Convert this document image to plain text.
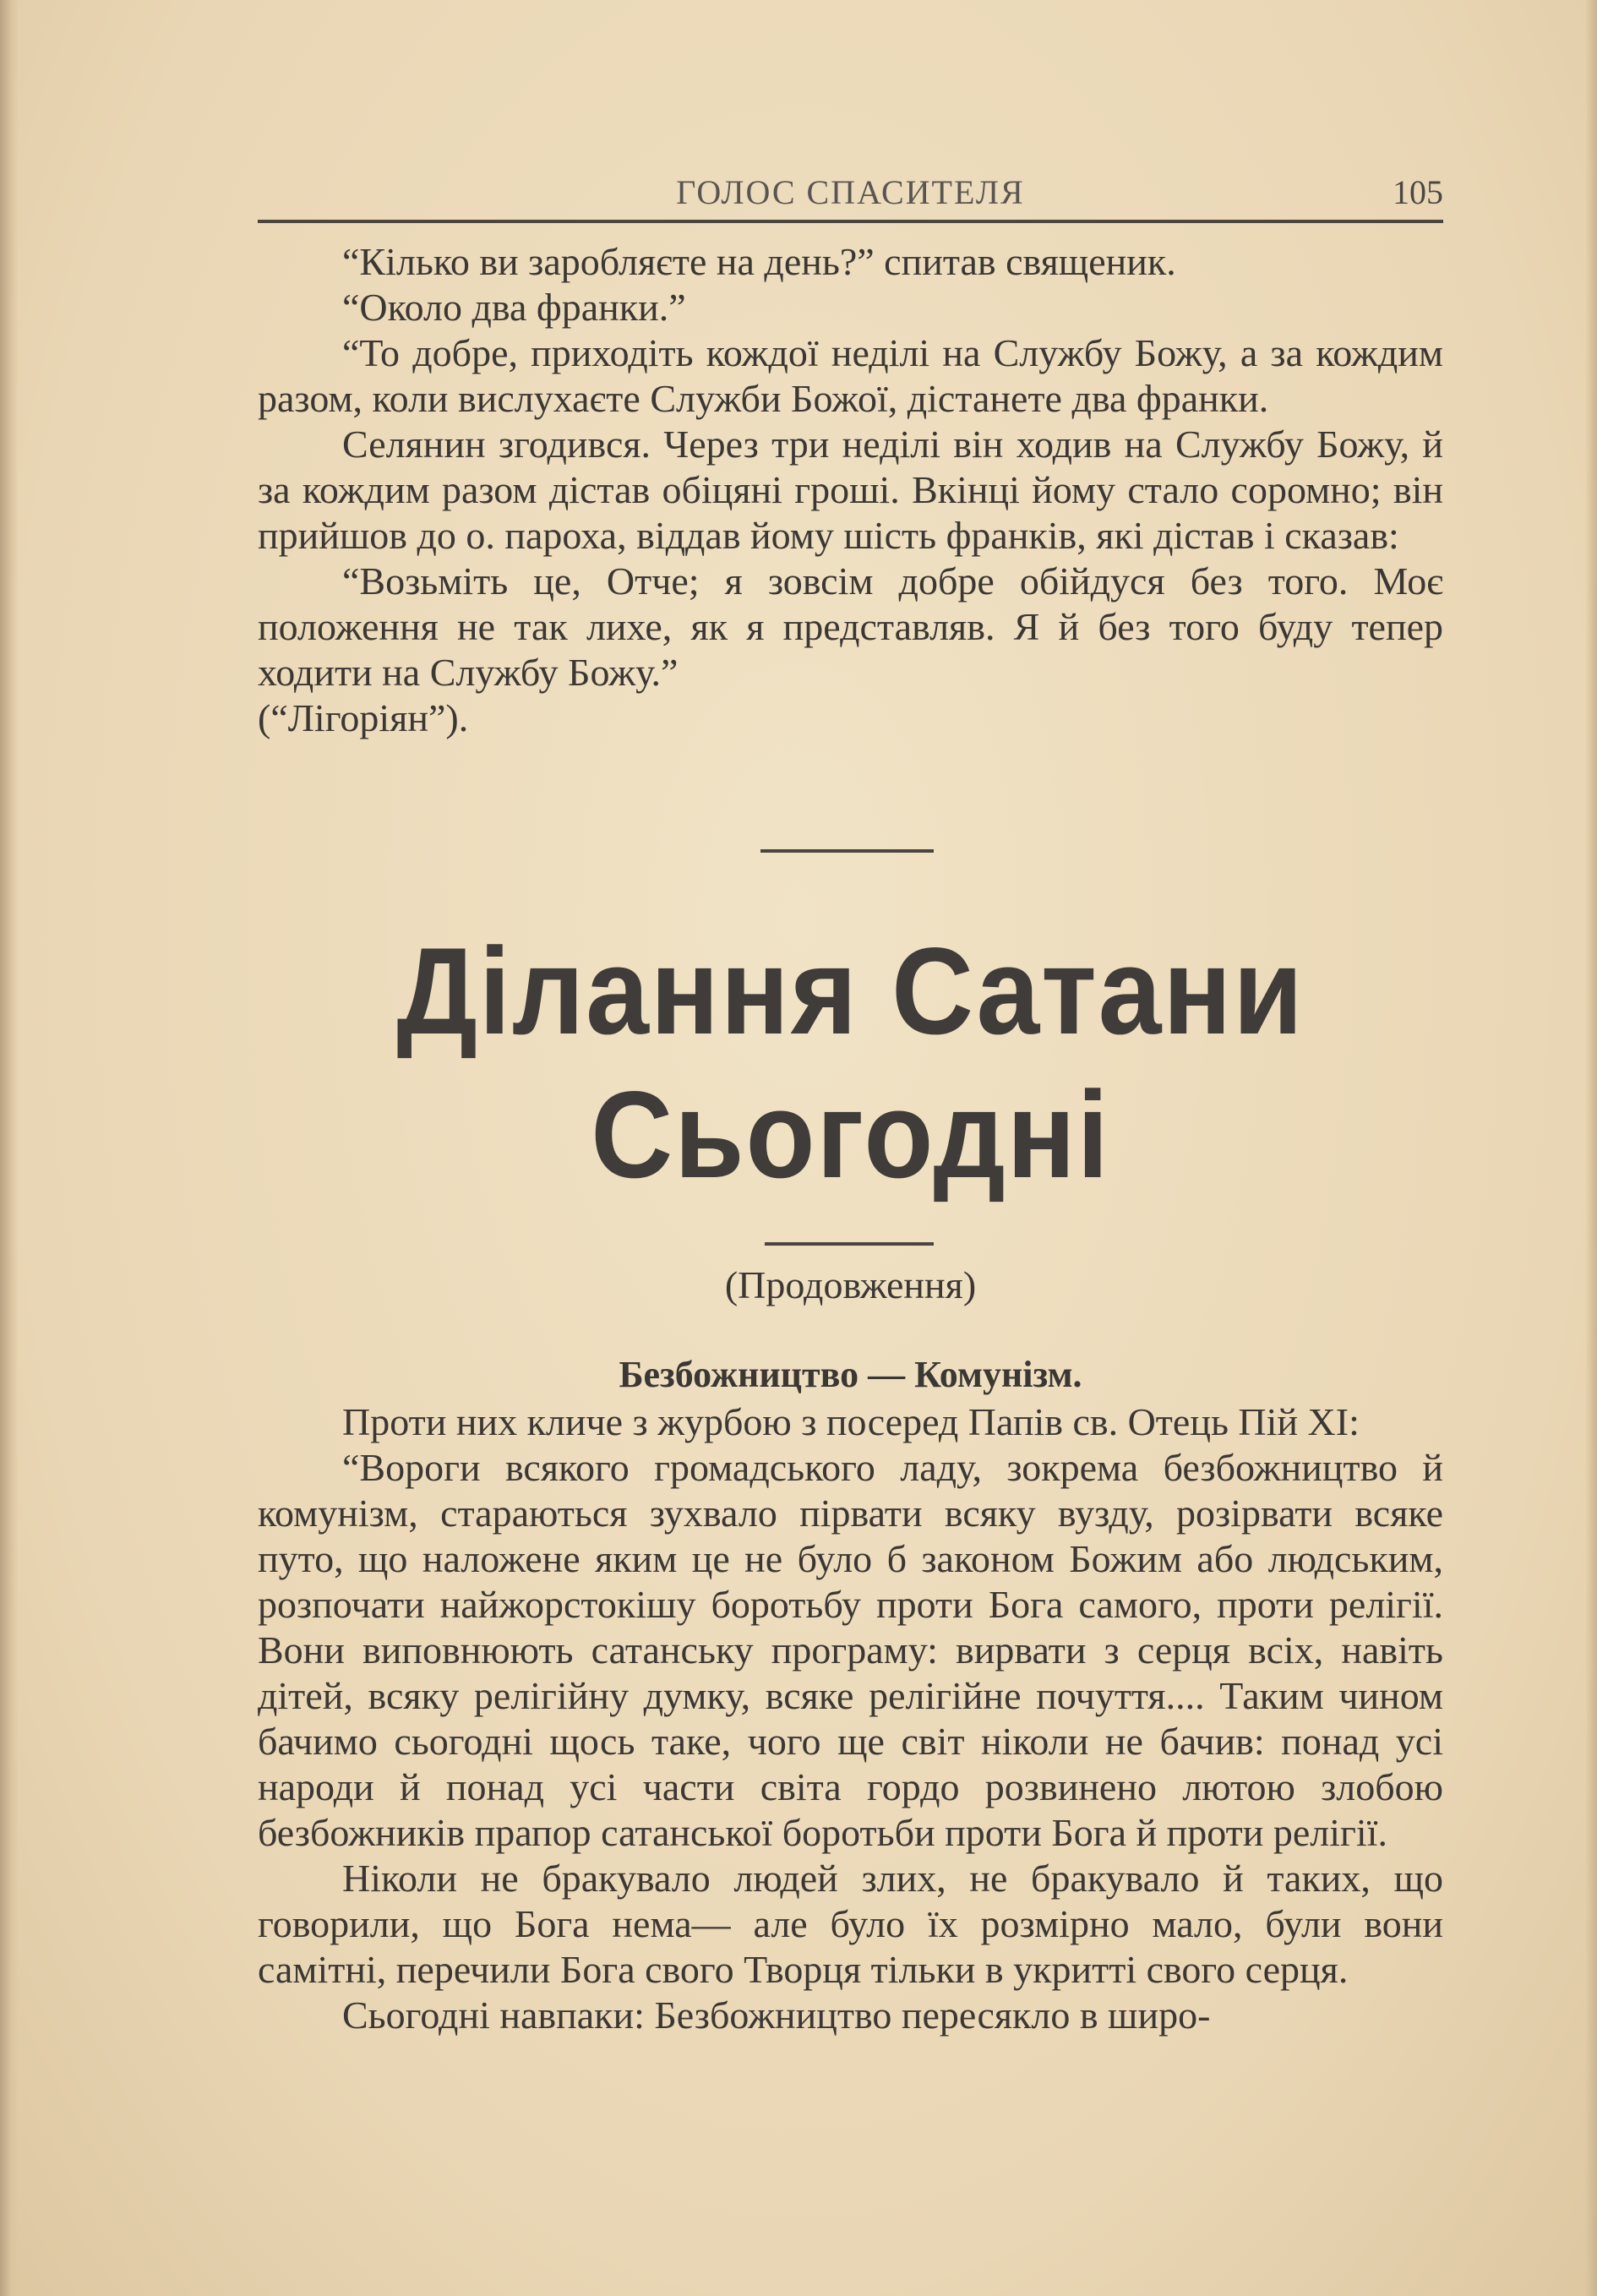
ГОЛОС СПАСИТЕЛЯ	105

“Кілько ви заробляєте на день?” спитав священик.

“Около два франки.”

“То добре, приходіть кождої неділі на Службу Божу, а за кождим разом, коли вислухаєте Служби Божої, дістанете два франки.

Селянин згодився. Через три неділі він ходив на Службу Божу, й за кождим разом дістав обіцяні гроші. Вкінці йому стало соромно; він прийшов до о. пароха, віддав йому шість франків, які дістав і сказав:

“Возьміть це, Отче; я зовсім добре обійдуся без того. Моє положення не так лихе, як я представляв. Я й без того буду тепер ходити на Службу Божу.”

(“Лігоріян”).

Ділання Сатани
Сьогодні
(Продовження)
Безбожництво — Комунізм.

Проти них кличе з журбою з посеред Папів св. Отець Пій XI:

“Вороги всякого громадського ладу, зокрема безбожництво й комунізм, стараються зухвало пірвати всяку вузду, розірвати всяке путо, що наложене яким це не було б законом Божим або людським, розпочати найжорстокішу боротьбу проти Бога самого, проти релігії. Вони виповнюють сатанську програму: вирвати з серця всіх, навіть дітей, всяку релігійну думку, всяке релігійне почуття.... Таким чином бачимо сьогодні щось таке, чого ще світ ніколи не бачив: понад усі народи й понад усі части світа гордо розвинено лютою злобою безбожників прапор сатанської боротьби проти Бога й проти релігії.

Ніколи не бракувало людей злих, не бракувало й таких, що говорили, що Бога нема— але було їх розмірно мало, були вони самітні, перечили Бога свого Творця тільки в укритті свого серця.

Сьогодні навпаки: Безбожництво пересякло в широ-
